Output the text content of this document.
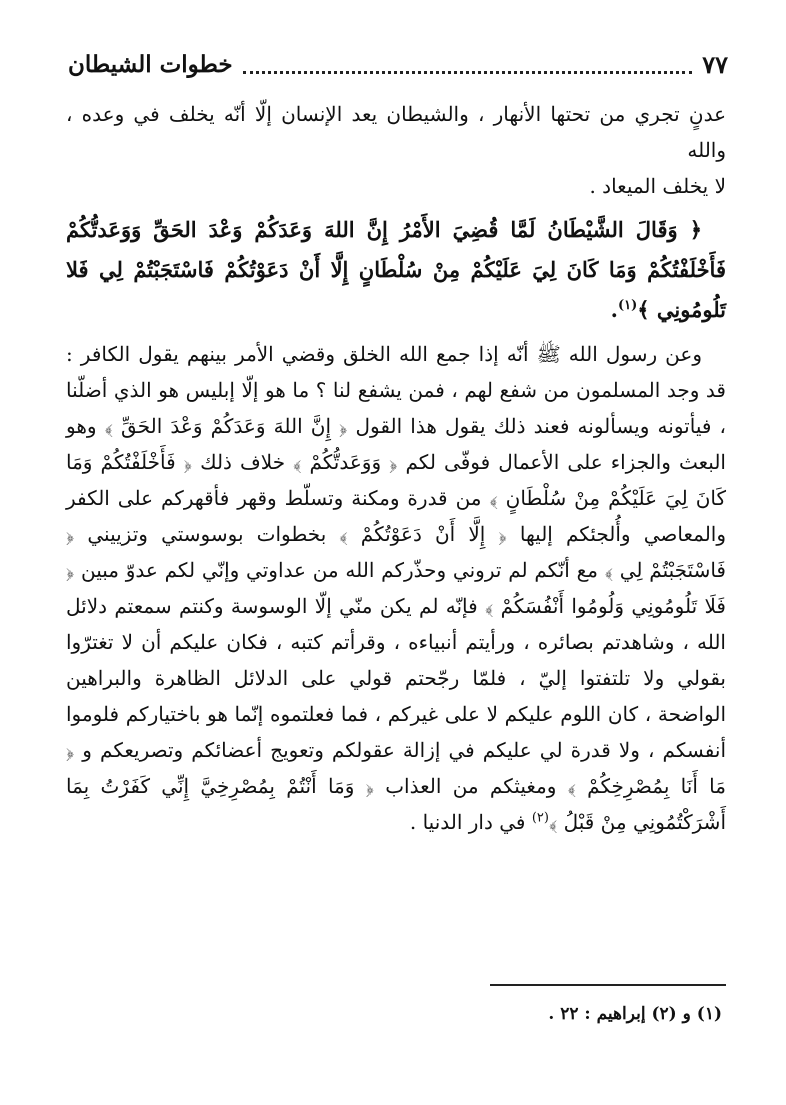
خطوات الشيطان	٧٧

عدنٍ تجري من تحتها الأنهار ، والشيطان يعد الإنسان إلّا أنّه يخلف في وعده ، والله
لا يخلف الميعاد .

﴿ وَقَالَ الشَّيْطَانُ لَمَّا قُضِيَ الأَمْرُ إِنَّ اللهَ وَعَدَكُمْ وَعْدَ الحَقِّ وَوَعَدتُّكُمْ فَأَخْلَفْتُكُمْ وَمَا كَانَ لِيَ عَلَيْكُمْ مِنْ سُلْطَانٍ إِلَّا أَنْ دَعَوْتُكُمْ فَاسْتَجَبْتُمْ لِي فَلا تَلُومُونِي ﴾$^{(١)}$.

وعن رسول الله ﷺ أنّه إذا جمع الله الخلق وقضي الأمر بينهم يقول الكافر : قد وجد المسلمون من شفع لهم ، فمن يشفع لنا ؟ ما هو إلّا إبليس هو الذي أضلّنا ، فيأتونه ويسألونه فعند ذلك يقول هذا القول ﴿ إِنَّ اللهَ وَعَدَكُمْ وَعْدَ الحَقِّ ﴾ وهو البعث والجزاء على الأعمال فوفّى لكم ﴿ وَوَعَدتُّكُمْ ﴾ خلاف ذلك ﴿ فَأَخْلَفْتُكُمْ وَمَا كَانَ لِيَ عَلَيْكُمْ مِنْ سُلْطَانٍ ﴾ من قدرة ومكنة وتسلّط وقهر فأقهركم على الكفر والمعاصي وأُلجئكم إليها ﴿ إِلَّا أَنْ دَعَوْتُكُمْ ﴾ بخطوات بوسوستي وتزييني ﴿ فَاسْتَجَبْتُمْ لِي ﴾ مع أنّكم لم تروني وحذّركم الله من عداوتي وإنّي لكم عدوّ مبين ﴿ فَلَا تَلُومُونِي وَلُومُوا أَنْفُسَكُمْ ﴾ فإنّه لم يكن منّي إلّا الوسوسة وكنتم سمعتم دلائل الله ، وشاهدتم بصائره ، ورأيتم أنبياءه ، وقرأتم كتبه ، فكان عليكم أن لا تغترّوا بقولي ولا تلتفتوا إليّ ، فلمّا رجّحتم قولي على الدلائل الظاهرة والبراهين الواضحة ، كان اللوم عليكم لا على غيركم ، فما فعلتموه إنّما هو باختياركم فلوموا أنفسكم ، ولا قدرة لي عليكم في إزالة عقولكم وتعويج أعضائكم وتصريعكم و ﴿ مَا أَنَا بِمُصْرِخِكُمْ ﴾ ومغيثكم من العذاب ﴿ وَمَا أَنْتُمْ بِمُصْرِخِيَّ إِنِّي كَفَرْتُ بِمَا أَشْرَكْتُمُونِي مِنْ قَبْلُ ﴾$^{(٢)}$ في دار الدنيا .

(١) و (٢) إبراهيم : ٢٢ .
